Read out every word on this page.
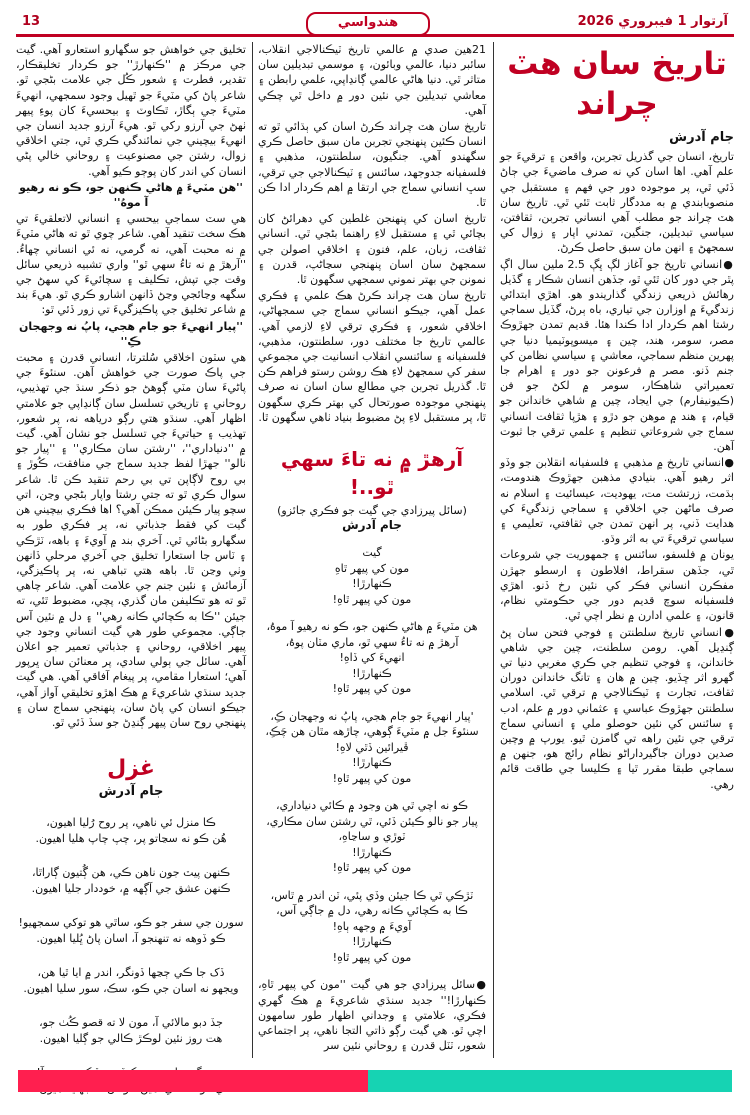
آرتوار 1 فيبروري 2026
هندواسي
13
تاريخ سان هٽ چراند
جام آدرش

تاريخ، انسان جي گذريل تجربن، واقعن ۽ ترقيءَ جو علم آهي. اها اسان کي نه صرف ماضيءَ جي ڄاڻ ڏئي ٿي، پر موجوده دور جي فهم ۽ مستقبل جي منصوبابندي ۾ به مددگار ثابت ٿئي ٿي. تاريخ سان هٽ چراند جو مطلب آهي انساني تجربن، ثقافتن، سياسي تبديلين، جنگين، تمدني اپار ۽ زوال کي سمجهڻ ۽ انهن مان سبق حاصل ڪرڻ.

●انساني تاريخ جو آغاز لڳ ڀڳ 2.5 ملين سال اڳ پٿر جي دور کان ٿئي ٿو، جڏهن انسان شڪار ۽ گڏيل رهائش ذريعي زندگي گذاريندو هو. اهڙي ابتدائي زندگيءَ ۾ اوزارن جي تياري، باه ٻرڻ، گڏيل سماجي رشتا اهم ڪردار ادا ڪندا هئا. قديم تمدن جهڙوڪ مصر، سومر، هند، چين ۽ ميسوپوٽيميا دنيا جي پهرين منظم سماجي، معاشي ۽ سياسي نظامن کي جنم ڏنو. مصر ۾ فرعونن جو دور ۽ اهرام جا تعميراتي شاهڪار، سومر ۾ لکڻ جو فن (ڪيونيفارم) جي ايجاد، چين ۾ شاهي خاندانن جو قيام، ۽ هند ۾ موهن جو دڙو ۽ هڙپا ثقافت انساني سماج جي شروعاتي تنظيم ۽ علمي ترقي جا ثبوت آهن.

●انساني تاريخ ۾ مذهبي ۽ فلسفيانه انقلابن جو وڏو اثر رهيو آهي. بنيادي مذهبن جهڙوڪ هندومت، ٻڌمت، زرتشت مت، يهوديت، عيسائيت ۽ اسلام نه صرف ماڻهن جي اخلاقي ۽ سماجي زندگيءَ کي هدايت ڏني، پر انهن تمدن جي ثقافتي، تعليمي ۽ سياسي ترقيءَ تي به اثر وڌو.

يونان ۾ فلسفو، سائنس ۽ جمهوريت جي شروعات ٿي، جڏهن سقراط، افلاطون ۽ ارسطو جهڙن مفڪرن انساني فڪر کي نئين رخ ڏنو. اهڙي فلسفيانه سوچ قديم دور جي حڪومتي نظام، قانون، ۽ علمي ادارن ۾ نظر اچي ٿي.

●انساني تاريخ سلطنتن ۽ فوجي فتحن سان پڻ ڳنڍيل آهي. رومن سلطنت، چين جي شاهي خاندانن، ۽ فوجي تنظيم جي ڪري مغربي دنيا تي گهرو اثر ڇڏيو. چين ۾ هان ۽ تانگ خاندانن دوران ثقافت، تجارت ۽ ٽيڪنالاجي ۾ ترقي ٿي. اسلامي سلطنتن جهڙوڪ عباسي ۽ عثماني دور ۾ علم، ادب ۽ سائنس کي نئين حوصلو ملي ۽ انساني سماج ترقي جي نئين راهه تي گامزن ٿيو. يورپ ۾ وچين صدين دوران جاگيرداراڻو نظام رائج هو، جنهن ۾ سماجي طبقا مقرر ٿيا ۽ ڪليسا جي طاقت قائم رهي.

21هين صدي ۾ عالمي تاريخ ٽيڪنالاجي انقلاب، سائبر دنيا، عالمي وبائون، ۽ موسمي تبديلين سان متاثر ٿي. دنيا هاڻي عالمي ڳانڍاپي، علمي رابطن ۽ معاشي تبديلين جي نئين دور ۾ داخل ٿي چڪي آهي.

تاريخ سان هٽ چراند ڪرڻ اسان کي ٻڌائي ٿو ته انسان ڪئين پنهنجي تجربن مان سبق حاصل ڪري سگهندو آهي. جنگيون، سلطنتون، مذهبي ۽ فلسفيانه جدوجهد، سائنس ۽ ٽيڪنالاجي جي ترقي، سڀ انساني سماج جي ارتقا ۾ اهم ڪردار ادا ڪن ٿا.

تاريخ اسان کي پنهنجن غلطين کي دهرائڻ کان بچائي ٿي ۽ مستقبل لاءِ راهنما بڻجي ٿي. انساني ثقافت، زبان، علم، فنون ۽ اخلاقي اصولن جي سمجهڻ سان اسان پنهنجي سڃاڻپ، قدرن ۽ نمونن جي بهتر نموني سمجهي سگهون ٿا.

تاريخ سان هٽ چراند ڪرڻ هڪ علمي ۽ فڪري عمل آهي، جيڪو انساني سماج جي سمجهاڻي، اخلاقي شعور، ۽ فڪري ترقي لاءِ لازمي آهي. عالمي تاريخ جا مختلف دور، سلطنتون، مذهبي، فلسفيانه ۽ سائنسي انقلاب انسانيت جي مجموعي سفر کي سمجهڻ لاءِ هڪ روشن رستو فراهم ڪن ٿا. گذريل تجربن جي مطالع سان اسان نه صرف پنهنجي موجوده صورتحال کي بهتر ڪري سگهون ٿا، پر مستقبل لاءِ پڻ مضبوط بنياد ٺاهي سگهون ٿا.

آرهڙ ۾ نه تاءَ سهي ٿو..!
(سائل پيرزادي جي گيت جو فڪري جائزو)
جام آدرش
گيت
مون کي پيهر ٿاهِ
ڪنهارڙا!
مون کي پيهر ٿاهِ!
هن مٽيءَ ۾ هاڻي ڪنهن جو، ڪو نه رهيو آ موهُ،
آرهڙ ۾ نه تاءُ سهي ٿو، ماري مٽان پوهُ،
انهيءَ کي ڏاهِ!
ڪنهارڙا!
مون کي پيهر ٿاهِ!
'پيار انهيءَ جو جام هجي، پاپُ نه وجهجان ڪِ،
سنئوءَ جل ۾ مٽيءَ ڳوهي، چاڙهه مٿان هن چَڪِ،
ڦيرائين ڏٿي لاهِ!
ڪنهارڙا!
مون کي پيهر ٿاهِ!
ڪو نه اچي ٿي هن وجود ۾ ڪائي دنياداري،
پيار جو نالو ڪيئن ڏئي، ٿي رشتن سان مڪاري،
ٽوڙي و ساڃاهِ،
ڪنهارڙا!
مون کي پيهر ٿاهِ!
ٽڙڪي ٿي ڪا جيئن وڏي پئي، ٽن اندر ۾ ٿاس،
ڪا به ڪچائي ڪانه رهي، دل ۾ جاڳي آس،
آويءَ ۾ وجهه ٻاهِ!
ڪنهارڙا!
مون کي پيهر ٿاهِ!

●سائل پيرزادي جو هي گيت ''مون کي پيهر ٿاهِ، ڪنهارڙا!'' جديد سنڌي شاعريءَ ۾ هڪ گهري فڪري، علامتي ۽ وجداني اظهار طور سامهون اچي ٿو. هي گيت رڳو ذاتي التجا ناهي، پر اجتماعي شعور، ٽٽل قدرن ۽ روحاني نئين سر

تخليق جي خواهش جو سگهارو استعارو آهي. گيت جي مرڪز ۾ ''ڪنهارڙ'' جو ڪردار تخليقڪار، تقدير، فطرت ۽ شعور ڪُل جي علامت بڻجي ٿو. شاعر پاڻ کي مٽيءَ جو ٿهيل وجود سمجهي، انهيءَ مٽيءَ جي ٻگاڙ، ٿڪاوٽ ۽ بيحسيءَ کان پوءِ پيهر ٺهڻ جي آرزو رکي ٿو. هيءَ آرزو جديد انسان جي انهيءَ بيچيني جي نمائندگي ڪري ٿي، جتي اخلاقي زوال، رشتن جي مصنوعيت ۽ روحاني خالي پڻي انسان کي اندر کان پوڄو ڪيو آهي.

''هن مٽيءَ ۾ هاڻي ڪنهن جو، ڪو نه رهيو آ موهُ''

هي سٽ سماجي بيحسي ۽ انساني لاتعلقيءَ تي هڪ سخت تنقيد آهي. شاعر چوي ٿو ته هاڻي مٽيءَ ۾ نه محبت آهي، نه گرمي، نه ئي انساني چهاءُ. ''آرهڙ ۾ نه تاءُ سهي ٿو'' واري تشبيه ذريعي سائل وقت جي تپش، تڪليف ۽ سچائيءَ کي سهڻ جي سگهه وڃائجي وڃڻ ڏانهن اشارو ڪري ٿو. هيءَ بند ۾ شاعر تخليق جي پاڪيزگيءَ تي زور ڏئي ٿو:

''پيار انهيءَ جو جام هجي، پاپُ نه وجهجان ڪِ''

هي سٽون اخلاقي سُلترتا، انساني قدرن ۽ محبت جي پاڪ صورت جي خواهش آهن. سنئوءَ جي پاڻيءَ سان مٽي ڳوهڻ جو ذڪر سنڌ جي تهذيبي، روحاني ۽ تاريخي تسلسل سان ڳانڍاپي جو علامتي اظهار آهي. سنڌو هتي رڳو درياهه نه، پر شعور، تهذيب ۽ حياتيءَ جي تسلسل جو نشان آهي. گيت ۾ ''دنياداري''، ''رشتن سان مڪاري'' ۽ ''پيار جو نالو'' جهڙا لفظ جديد سماج جي منافقت، ڪُوڙ ۽ بي روح لاڳاپن تي بي رحم تنقيد ڪن ٿا. شاعر سوال ڪري ٿو ته جتي رشتا واپار بڻجي وڃن، اتي سچو پيار ڪيئن ممڪن آهي؟ اها فڪري بيچيني هن گيت کي فقط جذباتي نه، پر فڪري طور به سگهارو بڻائي ٿي. آخري بند ۾ آويءَ ۽ باهه، ٽڙڪي ۽ ٽاس جا استعارا تخليق جي آخري مرحلي ڏانهن وٺي وڃن ٿا. باهه هتي تباهي نه، پر پاڪيزگي، آزمائش ۽ نئين جنم جي علامت آهي. شاعر چاهي ٿو ته هو تڪليفن مان گذري، پچي، مضبوط ٿئي، ته جيئن ''ڪا به ڪچائي ڪانه رهي'' ۽ دل ۾ نئين آس جاڳي. مجموعي طور هي گيت انساني وجود جي پيهر اخلاقي، روحاني ۽ جذباتي تعمير جو اعلان آهي. سائل جي ٻولي سادي، پر معنائن سان ڀرپور آهي؛ استعارا مقامي، پر پيغام آفاقي آهي. هي گيت جديد سنڌي شاعريءَ ۾ هڪ اهڙو تخليقي آواز آهي، جيڪو انسان کي پاڻ سان، پنهنجي سماج سان ۽ پنهنجي روح سان پيهر ڳنڍڻ جو سڏ ڏئي ٿو.

غزل
جام آدرش
ڪا منزل ئي ناهي، پر روح رُليا اهيون،
هُن ڪو نه سڃاتو پر، چپ چاپ هليا اهيون.
ڪنهن پيٽ جون ناهن ڪي، هن ڳُتيون ڳاراٿا،
ڪنهن عشق جي آڳهه ۾، خوددار جليا اهيون.
سورن جي سفر جو ڪو، ساٿي هو توکي سمجهيو!
ڪو ڏوهه نه تنهنجو آ، اسان پاڻ ڀُليا اهيون.
ڏک جا ڪي ڄڃها ڏونگر، اندر ۾ ايا ٿيا هن،
ويجهو نه اسان جي ڪو، سڪ، سور سليا اهيون.
جڏ دبو مالائي آ، مون لا ته قصو ڪُٺ جو،
هت روز نئين لوڪڙ ڪالي جو ڳليا اهيون.
